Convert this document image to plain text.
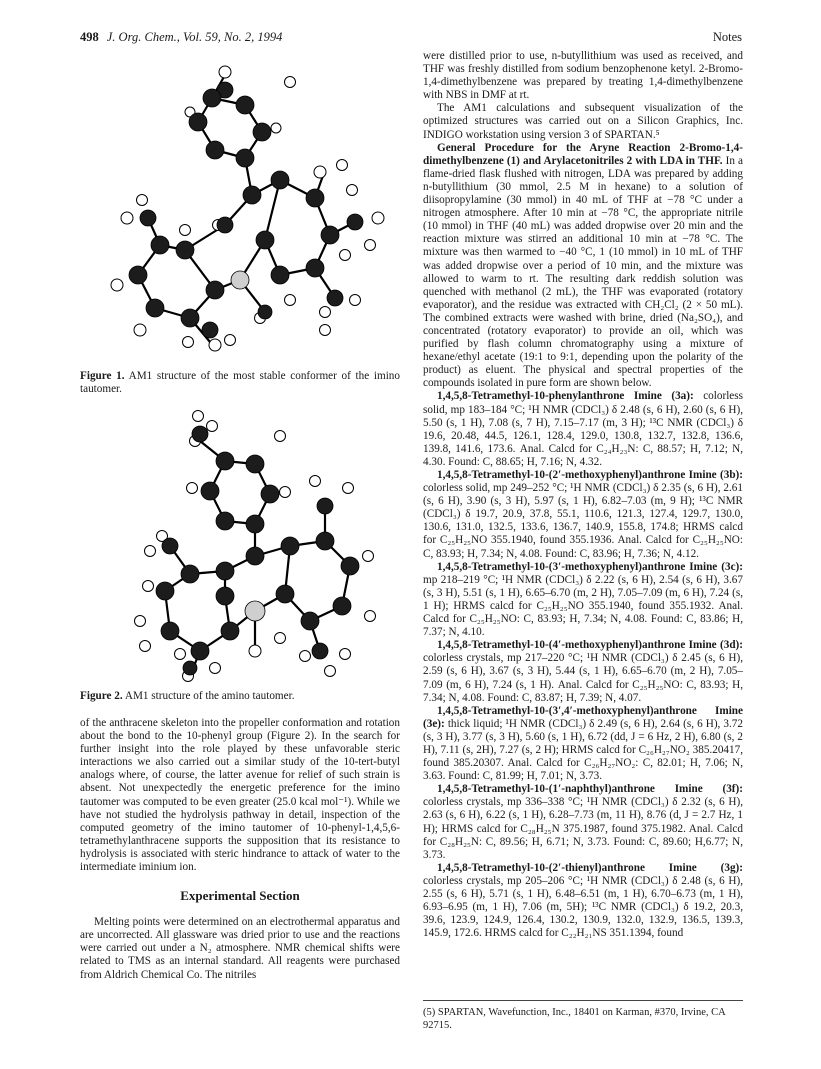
498 J. Org. Chem., Vol. 59, No. 2, 1994	Notes

Figure 1. AM1 structure of the most stable conformer of the imino tautomer.

Figure 2. AM1 structure of the amino tautomer.

of the anthracene skeleton into the propeller conformation and rotation about the bond to the 10-phenyl group (Figure 2). In the search for further insight into the role played by these unfavorable steric interactions we also carried out a similar study of the 10-tert-butyl analogs where, of course, the latter avenue for relief of such strain is absent. Not unexpectedly the energetic preference for the imino tautomer was computed to be even greater (25.0 kcal mol⁻¹). While we have not studied the hydrolysis pathway in detail, inspection of the computed geometry of the imino tautomer of 10-phenyl-1,4,5,6-tetramethylanthracene supports the supposition that its resistance to hydrolysis is associated with steric hindrance to attack of water to the intermediate iminium ion.

Experimental Section

Melting points were determined on an electrothermal apparatus and are uncorrected. All glassware was dried prior to use and the reactions were carried out under a N₂ atmosphere. NMR chemical shifts were related to TMS as an internal standard. All reagents were purchased from Aldrich Chemical Co. The nitriles

were distilled prior to use, n-butyllithium was used as received, and THF was freshly distilled from sodium benzophenone ketyl. 2-Bromo-1,4-dimethylbenzene was prepared by treating 1,4-dimethylbenzene with NBS in DMF at rt.

The AM1 calculations and subsequent visualization of the optimized structures was carried out on a Silicon Graphics, Inc. INDIGO workstation using version 3 of SPARTAN.⁵

General Procedure for the Aryne Reaction 2-Bromo-1,4-dimethylbenzene (1) and Arylacetonitriles 2 with LDA in THF. In a flame-dried flask flushed with nitrogen, LDA was prepared by adding n-butyllithium (30 mmol, 2.5 M in hexane) to a solution of diisopropylamine (30 mmol) in 40 mL of THF at −78 °C under a nitrogen atmosphere. After 10 min at −78 °C, the appropriate nitrile (10 mmol) in THF (40 mL) was added dropwise over 20 min and the reaction mixture was stirred an additional 10 min at −78 °C. The mixture was then warmed to −40 °C, 1 (10 mmol) in 10 mL of THF was added dropwise over a period of 10 min, and the mixture was allowed to warm to rt. The resulting dark reddish solution was quenched with methanol (2 mL), the THF was evaporated (rotatory evaporator), and the residue was extracted with CH₂Cl₂ (2 × 50 mL). The combined extracts were washed with brine, dried (Na₂SO₄), and concentrated (rotatory evaporator) to provide an oil, which was purified by flash column chromatography using a mixture of hexane/ethyl acetate (19:1 to 9:1, depending upon the polarity of the product) as eluent. The physical and spectral properties of the compounds isolated in pure form are shown below.

1,4,5,8-Tetramethyl-10-phenylanthrone Imine (3a): colorless solid, mp 183–184 °C; ¹H NMR (CDCl₃) δ 2.48 (s, 6 H), 2.60 (s, 6 H), 5.50 (s, 1 H), 7.08 (s, 7 H), 7.15–7.17 (m, 3 H); ¹³C NMR (CDCl₃) δ 19.6, 20.48, 44.5, 126.1, 128.4, 129.0, 130.8, 132.7, 132.8, 136.6, 139.8, 141.6, 173.6. Anal. Calcd for C₂₄H₂₃N: C, 88.57; H, 7.12; N, 4.30. Found: C, 88.65; H, 7.16; N, 4.32.

1,4,5,8-Tetramethyl-10-(2′-methoxyphenyl)anthrone Imine (3b): colorless solid, mp 249–252 °C; ¹H NMR (CDCl₃) δ 2.35 (s, 6 H), 2.61 (s, 6 H), 3.90 (s, 3 H), 5.97 (s, 1 H), 6.82–7.03 (m, 9 H); ¹³C NMR (CDCl₃) δ 19.7, 20.9, 37.8, 55.1, 110.6, 121.3, 127.4, 129.7, 130.0, 130.6, 131.0, 132.5, 133.6, 136.7, 140.9, 155.8, 174.8; HRMS calcd for C₂₅H₂₅NO 355.1940, found 355.1936. Anal. Calcd for C₂₅H₂₅NO: C, 83.93; H, 7.34; N, 4.08. Found: C, 83.96; H, 7.36; N, 4.12.

1,4,5,8-Tetramethyl-10-(3′-methoxyphenyl)anthrone Imine (3c): mp 218–219 °C; ¹H NMR (CDCl₃) δ 2.22 (s, 6 H), 2.54 (s, 6 H), 3.67 (s, 3 H), 5.51 (s, 1 H), 6.65–6.70 (m, 2 H), 7.05–7.09 (m, 6 H), 7.24 (s, 1 H); HRMS calcd for C₂₅H₂₅NO 355.1940, found 355.1932. Anal. Calcd for C₂₅H₂₅NO: C, 83.93; H, 7.34; N, 4.08. Found: C, 83.86; H, 7.37; N, 4.10.

1,4,5,8-Tetramethyl-10-(4′-methoxyphenyl)anthrone Imine (3d): colorless crystals, mp 217–220 °C; ¹H NMR (CDCl₃) δ 2.45 (s, 6 H), 2.59 (s, 6 H), 3.67 (s, 3 H), 5.44 (s, 1 H), 6.65–6.70 (m, 2 H), 7.05–7.09 (m, 6 H), 7.24 (s, 1 H). Anal. Calcd for C₂₅H₂₅NO: C, 83.93; H, 7.34; N, 4.08. Found: C, 83.87; H, 7.39; N, 4.07.

1,4,5,8-Tetramethyl-10-(3′,4′-methoxyphenyl)anthrone Imine (3e): thick liquid; ¹H NMR (CDCl₃) δ 2.49 (s, 6 H), 2.64 (s, 6 H), 3.72 (s, 3 H), 3.77 (s, 3 H), 5.60 (s, 1 H), 6.72 (dd, J = 6 Hz, 2 H), 6.80 (s, 2 H), 7.11 (s, 2H), 7.27 (s, 2 H); HRMS calcd for C₂₆H₂₇NO₂ 385.20417, found 385.20307. Anal. Calcd for C₂₆H₂₇NO₂: C, 82.01; H, 7.06; N, 3.63. Found: C, 81.99; H, 7.01; N, 3.73.

1,4,5,8-Tetramethyl-10-(1′-naphthyl)anthrone Imine (3f): colorless crystals, mp 336–338 °C; ¹H NMR (CDCl₃) δ 2.32 (s, 6 H), 2.63 (s, 6 H), 6.22 (s, 1 H), 6.28–7.73 (m, 11 H), 8.76 (d, J = 2.7 Hz, 1 H); HRMS calcd for C₂₈H₂₅N 375.1987, found 375.1982. Anal. Calcd for C₂₈H₂₅N: C, 89.56; H, 6.71; N, 3.73. Found: C, 89.60; H,6.77; N, 3.73.

1,4,5,8-Tetramethyl-10-(2′-thienyl)anthrone Imine (3g): colorless crystals, mp 205–206 °C; ¹H NMR (CDCl₃) δ 2.48 (s, 6 H), 2.55 (s, 6 H), 5.71 (s, 1 H), 6.48–6.51 (m, 1 H), 6.70–6.73 (m, 1 H), 6.93–6.95 (m, 1 H), 7.06 (m, 5H); ¹³C NMR (CDCl₃) δ 19.2, 20.3, 39.6, 123.9, 124.9, 126.4, 130.2, 130.9, 132.0, 132.9, 136.5, 139.3, 145.9, 172.6. HRMS calcd for C₂₂H₂₁NS 351.1394, found

(5) SPARTAN, Wavefunction, Inc., 18401 on Karman, #370, Irvine, CA 92715.
